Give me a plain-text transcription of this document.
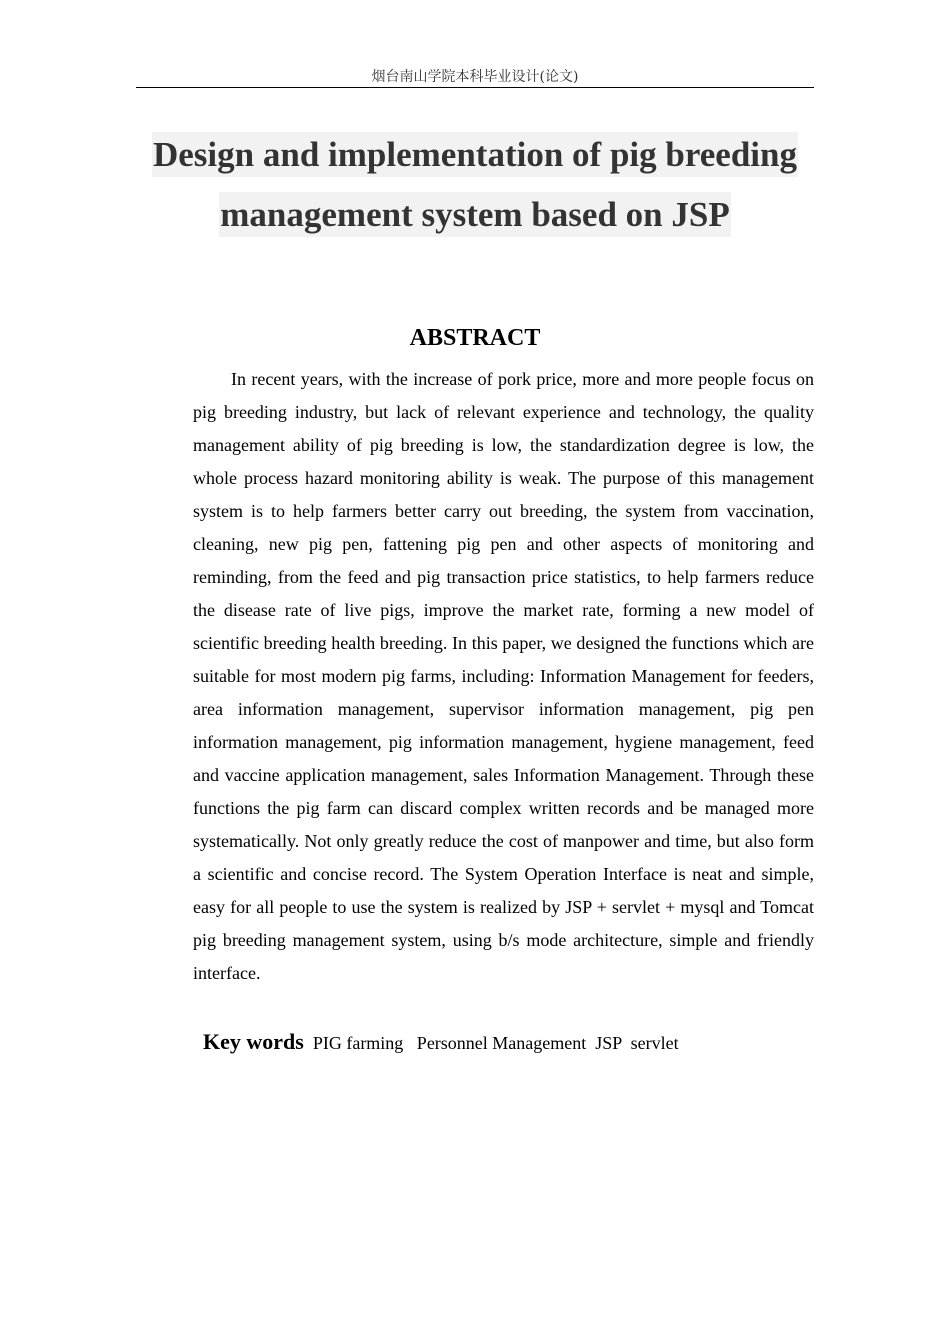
烟台南山学院本科毕业设计(论文)
Design and implementation of pig breeding
management system based on JSP
ABSTRACT
In recent years, with the increase of pork price, more and more people focus on pig breeding industry, but lack of relevant experience and technology, the quality management ability of pig breeding is low, the standardization degree is low, the whole process hazard monitoring ability is weak. The purpose of this management system is to help farmers better carry out breeding, the system from vaccination, cleaning, new pig pen, fattening pig pen and other aspects of monitoring and reminding, from the feed and pig transaction price statistics, to help farmers reduce the disease rate of live pigs, improve the market rate, forming a new model of scientific breeding health breeding. In this paper, we designed the functions which are suitable for most modern pig farms, including: Information Management for feeders, area information management, supervisor information management, pig pen information management, pig information management, hygiene management, feed and vaccine application management, sales Information Management. Through these functions the pig farm can discard complex written records and be managed more systematically. Not only greatly reduce the cost of manpower and time, but also form a scientific and concise record. The System Operation Interface is neat and simple, easy for all people to use the system is realized by JSP + servlet + mysql and Tomcat pig breeding management system, using b/s mode architecture, simple and friendly interface.
Key words PIG farming   Personnel Management  JSP  servlet
